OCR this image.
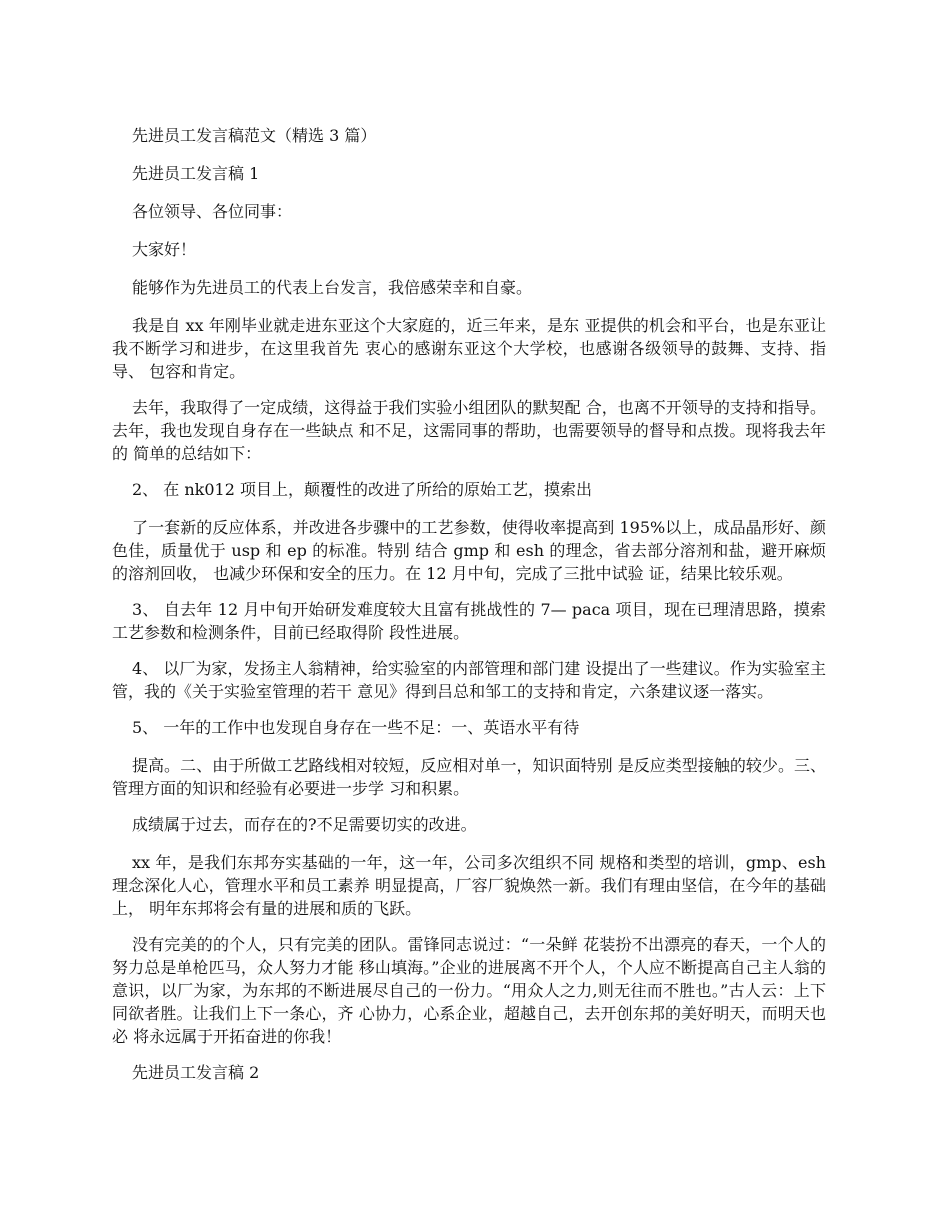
先进员工发言稿范文（精选 3 篇）

先进员工发言稿 1

各位领导、各位同事：

大家好！

能够作为先进员工的代表上台发言，我倍感荣幸和自豪。

我是自 xx 年刚毕业就走进东亚这个大家庭的，近三年来，是东 亚提供的机会和平台，也是东亚让我不断学习和进步，在这里我首先 衷心的感谢东亚这个大学校，也感谢各级领导的鼓舞、支持、指导、 包容和肯定。

去年，我取得了一定成绩，这得益于我们实验小组团队的默契配 合，也离不开领导的支持和指导。去年，我也发现自身存在一些缺点 和不足，这需同事的帮助，也需要领导的督导和点拨。现将我去年的 简单的总结如下：

2、 在 nk012 项目上，颠覆性的改进了所给的原始工艺，摸索出

了一套新的反应体系，并改进各步骤中的工艺参数，使得收率提高到 195%以上，成品晶形好、颜色佳，质量优于 usp 和 ep 的标准。特别 结合 gmp 和 esh 的理念，省去部分溶剂和盐，避开麻烦的溶剂回收， 也减少环保和安全的压力。在 12 月中旬，完成了三批中试验 证，结果比较乐观。

3、 自去年 12 月中旬开始研发难度较大且富有挑战性的 7— paca 项目，现在已理清思路，摸索工艺参数和检测条件，目前已经取得阶 段性进展。

4、 以厂为家，发扬主人翁精神，给实验室的内部管理和部门建 设提出了一些建议。作为实验室主管，我的《关于实验室管理的若干 意见》得到吕总和邹工的支持和肯定，六条建议逐一落实。

5、 一年的工作中也发现自身存在一些不足：一、英语水平有待

提高。二、由于所做工艺路线相对较短，反应相对单一，知识面特别 是反应类型接触的较少。三、管理方面的知识和经验有必要进一步学 习和积累。

成绩属于过去，而存在的?不足需要切实的改进。

xx 年，是我们东邦夯实基础的一年，这一年，公司多次组织不同 规格和类型的培训，gmp、esh 理念深化人心，管理水平和员工素养 明显提高，厂容厂貌焕然一新。我们有理由坚信，在今年的基础上， 明年东邦将会有量的进展和质的飞跃。

没有完美的的个人，只有完美的团队。雷锋同志说过：“一朵鲜 花装扮不出漂亮的春天，一个人的努力总是单枪匹马，众人努力才能 移山填海。”企业的进展离不开个人，个人应不断提高自己主人翁的 意识，以厂为家，为东邦的不断进展尽自己的一份力。“用众人之力,则无往而不胜也。”古人云：上下同欲者胜。让我们上下一条心，齐 心协力，心系企业，超越自己，去开创东邦的美好明天，而明天也必 将永远属于开拓奋进的你我！

先进员工发言稿 2
